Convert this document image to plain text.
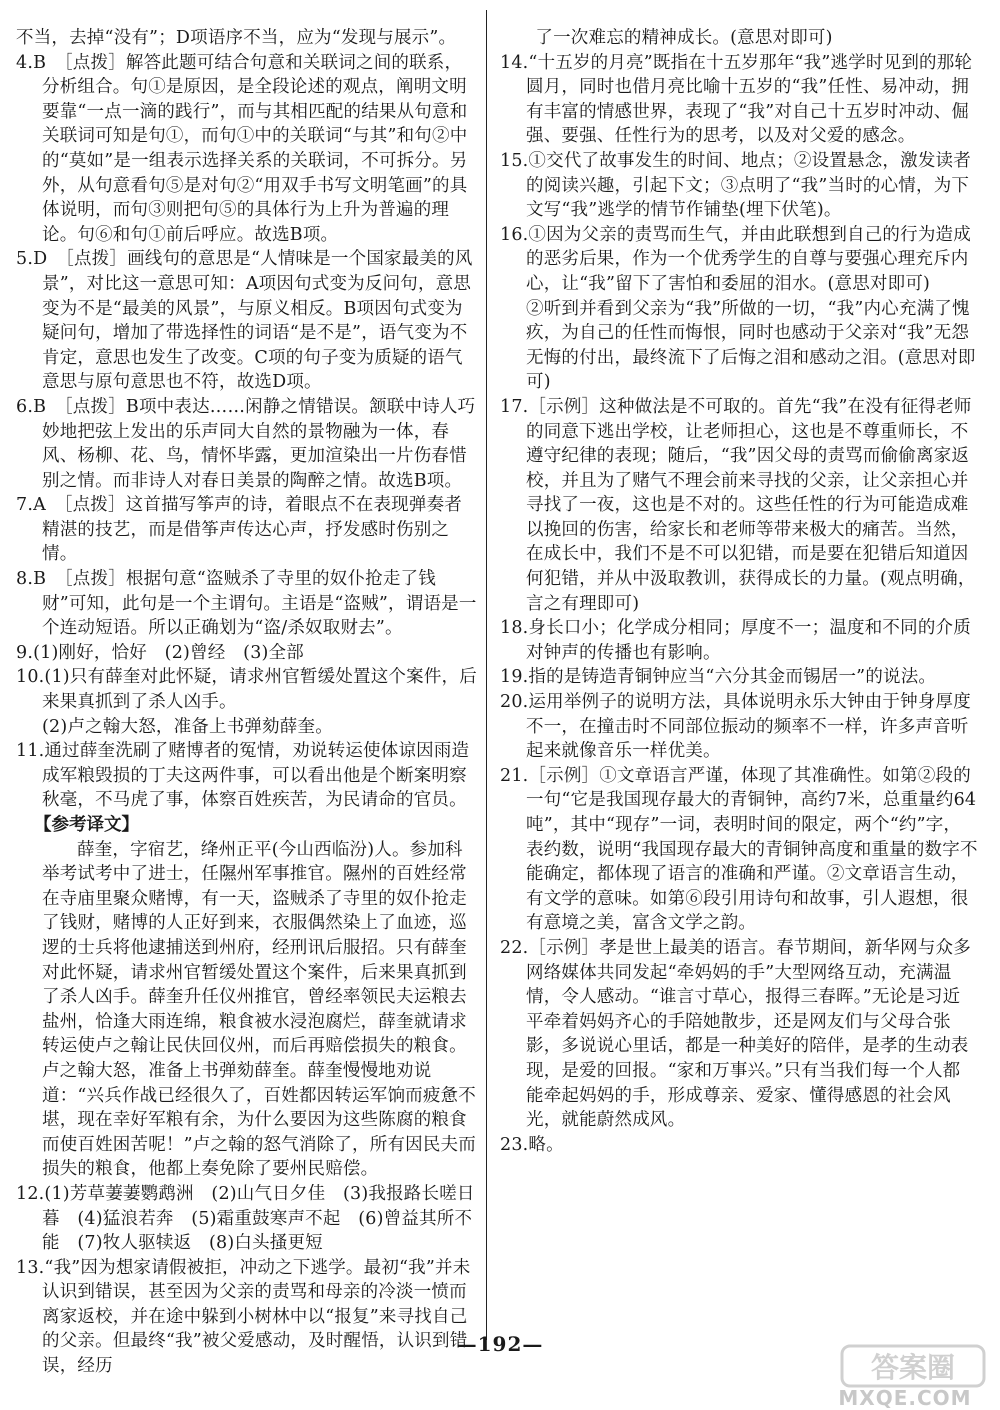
不当，去掉“没有”；D项语序不当，应为“发现与展示”。

4.B　［点拨］解答此题可结合句意和关联词之间的联系，分析组合。句①是原因，是全段论述的观点，阐明文明要靠“一点一滴的践行”，而与其相匹配的结果从句意和关联词可知是句①，而句①中的关联词“与其”和句②中的“莫如”是一组表示选择关系的关联词，不可拆分。另外，从句意看句⑤是对句②“用双手书写文明笔画”的具体说明，而句③则把句⑤的具体行为上升为普遍的理论。句⑥和句①前后呼应。故选B项。

5.D　［点拨］画线句的意思是“人情味是一个国家最美的风景”，对比这一意思可知：A项因句式变为反问句，意思变为不是“最美的风景”，与原义相反。B项因句式变为疑问句，增加了带选择性的词语“是不是”，语气变为不肯定，意思也发生了改变。C项的句子变为质疑的语气意思与原句意思也不符，故选D项。

6.B　［点拨］B项中表达……闲静之情错误。颔联中诗人巧妙地把弦上发出的乐声同大自然的景物融为一体，春风、杨柳、花、鸟，情怀毕露，更加渲染出一片伤春惜别之情。而非诗人对春日美景的陶醉之情。故选B项。

7.A　［点拨］这首描写筝声的诗，着眼点不在表现弹奏者精湛的技艺，而是借筝声传达心声，抒发感时伤别之情。

8.B　［点拨］根据句意“盗贼杀了寺里的奴仆抢走了钱财”可知，此句是一个主谓句。主语是“盗贼”，谓语是一个连动短语。所以正确划为“盗/杀奴取财去”。

9.(1)刚好，恰好　(2)曾经　(3)全部

10.(1)只有薛奎对此怀疑，请求州官暂缓处置这个案件，后来果真抓到了杀人凶手。

(2)卢之翰大怒，准备上书弹劾薛奎。

11.通过薛奎洗刷了赌博者的冤情，劝说转运使体谅因雨造成军粮毁损的丁夫这两件事，可以看出他是个断案明察秋毫，不马虎了事，体察百姓疾苦，为民请命的官员。

【参考译文】

薛奎，字宿艺，绛州正平(今山西临汾)人。参加科举考试考中了进士，任隰州军事推官。隰州的百姓经常在寺庙里聚众赌博，有一天，盗贼杀了寺里的奴仆抢走了钱财，赌博的人正好到来，衣服偶然染上了血迹，巡逻的士兵将他逮捕送到州府，经刑讯后服招。只有薛奎对此怀疑，请求州官暂缓处置这个案件，后来果真抓到了杀人凶手。薛奎升任仪州推官，曾经率领民夫运粮去盐州，恰逢大雨连绵，粮食被水浸泡腐烂，薛奎就请求转运使卢之翰让民伕回仪州，而后再赔偿损失的粮食。卢之翰大怒，准备上书弹劾薛奎。薛奎慢慢地劝说道：“兴兵作战已经很久了，百姓都因转运军饷而疲惫不堪，现在幸好军粮有余，为什么要因为这些陈腐的粮食而使百姓困苦呢！”卢之翰的怒气消除了，所有因民夫而损失的粮食，他都上奏免除了要州民赔偿。

12.(1)芳草萋萋鹦鹉洲　(2)山气日夕佳　(3)我报路长嗟日暮　(4)猛浪若奔　(5)霜重鼓寒声不起　(6)曾益其所不能　(7)牧人驱犊返　(8)白头搔更短

13.“我”因为想家请假被拒，冲动之下逃学。最初“我”并未认识到错误，甚至因为父亲的责骂和母亲的冷淡一愤而离家返校，并在途中躲到小树林中以“报复”来寻找自己的父亲。但最终“我”被父爱感动，及时醒悟，认识到错误，经历

　　了一次难忘的精神成长。(意思对即可)

14.“十五岁的月亮”既指在十五岁那年“我”逃学时见到的那轮圆月，同时也借月亮比喻十五岁的“我”任性、易冲动，拥有丰富的情感世界，表现了“我”对自己十五岁时冲动、倔强、要强、任性行为的思考，以及对父爱的感念。

15.①交代了故事发生的时间、地点；②设置悬念，激发读者的阅读兴趣，引起下文；③点明了“我”当时的心情，为下文写“我”逃学的情节作铺垫(埋下伏笔)。

16.①因为父亲的责骂而生气，并由此联想到自己的行为造成的恶劣后果，作为一个优秀学生的自尊与要强心理充斥内心，让“我”留下了害怕和委屈的泪水。(意思对即可)

②听到并看到父亲为“我”所做的一切，“我”内心充满了愧疚，为自己的任性而悔恨，同时也感动于父亲对“我”无怨无悔的付出，最终流下了后悔之泪和感动之泪。(意思对即可)

17.［示例］这种做法是不可取的。首先“我”在没有征得老师的同意下逃出学校，让老师担心，这也是不尊重师长，不遵守纪律的表现；随后，“我”因父母的责骂而偷偷离家返校，并且为了赌气不理会前来寻找的父亲，让父亲担心并寻找了一夜，这也是不对的。这些任性的行为可能造成难以挽回的伤害，给家长和老师等带来极大的痛苦。当然，在成长中，我们不是不可以犯错，而是要在犯错后知道因何犯错，并从中汲取教训，获得成长的力量。(观点明确，言之有理即可)

18.身长口小；化学成分相同；厚度不一；温度和不同的介质对钟声的传播也有影响。

19.指的是铸造青铜钟应当“六分其金而锡居一”的说法。

20.运用举例子的说明方法，具体说明永乐大钟由于钟身厚度不一，在撞击时不同部位振动的频率不一样，许多声音听起来就像音乐一样优美。

21.［示例］①文章语言严谨，体现了其准确性。如第②段的一句“它是我国现存最大的青铜钟，高约7米，总重量约64吨”，其中“现存”一词，表明时间的限定，两个“约”字，表约数，说明“我国现存最大的青铜钟高度和重量的数字不能确定，都体现了语言的准确和严谨。②文章语言生动，有文学的意味。如第⑥段引用诗句和故事，引人遐想，很有意境之美，富含文学之韵。

22.［示例］孝是世上最美的语言。春节期间，新华网与众多网络媒体共同发起“牵妈妈的手”大型网络互动，充满温情，令人感动。“谁言寸草心，报得三春晖。”无论是习近平牵着妈妈齐心的手陪她散步，还是网友们与父母合张影，多说说心里话，都是一种美好的陪伴，是孝的生动表现，是爱的回报。“家和万事兴。”只有当我们每一个人都能牵起妈妈的手，形成尊亲、爱家、懂得感恩的社会风光，就能蔚然成风。

23.略。

—192—
答案圈
MXQE.COM
